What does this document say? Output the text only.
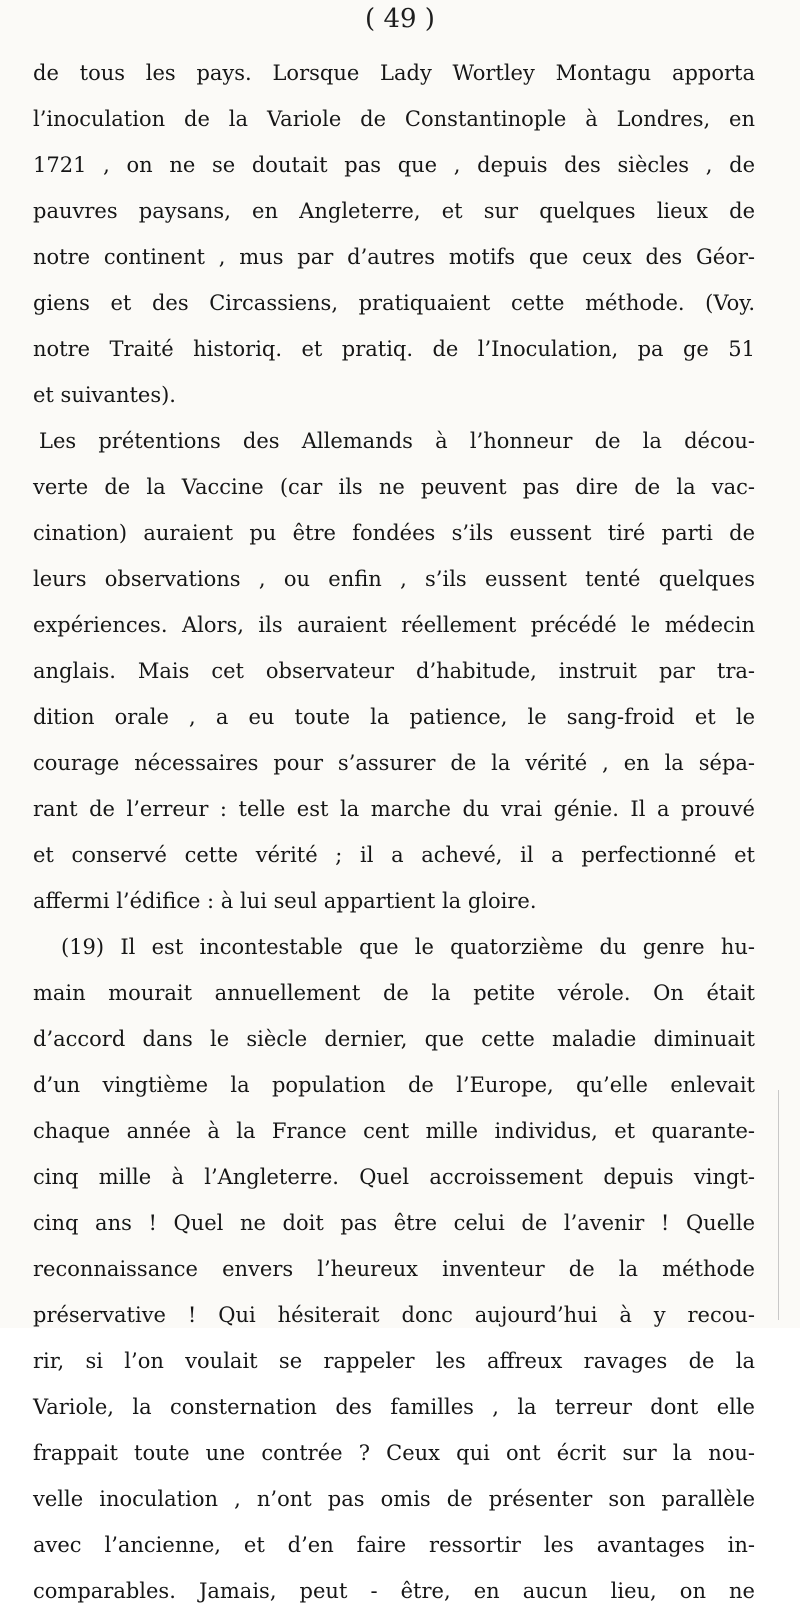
( 49 )
de tous les pays. Lorsque Lady Wortley Montagu apporta
l’inoculation de la Variole de Constantinople à Londres, en
1721 , on ne se doutait pas que , depuis des siècles , de
pauvres paysans, en Angleterre, et sur quelques lieux de
notre continent , mus par d’autres motifs que ceux des Géor-
giens et des Circassiens, pratiquaient cette méthode. (Voy.
notre Traité historiq. et pratiq. de l’Inoculation, pa ge 51
et suivantes).
Les prétentions des Allemands à l’honneur de la décou-
verte de la Vaccine (car ils ne peuvent pas dire de la vac-
cination) auraient pu être fondées s’ils eussent tiré parti de
leurs observations , ou enfin , s’ils eussent tenté quelques
expériences. Alors, ils auraient réellement précédé le médecin
anglais. Mais cet observateur d’habitude, instruit par tra-
dition orale , a eu toute la patience, le sang-froid et le
courage nécessaires pour s’assurer de la vérité , en la sépa-
rant de l’erreur : telle est la marche du vrai génie. Il a prouvé
et conservé cette vérité ; il a achevé, il a perfectionné et
affermi l’édifice : à lui seul appartient la gloire.
(19) Il est incontestable que le quatorzième du genre hu-
main mourait annuellement de la petite vérole. On était
d’accord dans le siècle dernier, que cette maladie diminuait
d’un vingtième la population de l’Europe, qu’elle enlevait
chaque année à la France cent mille individus, et quarante-
cinq mille à l’Angleterre. Quel accroissement depuis vingt-
cinq ans ! Quel ne doit pas être celui de l’avenir ! Quelle
reconnaissance envers l’heureux inventeur de la méthode
préservative ! Qui hésiterait donc aujourd’hui à y recou-
rir, si l’on voulait se rappeler les affreux ravages de la
Variole, la consternation des familles , la terreur dont elle
frappait toute une contrée ? Ceux qui ont écrit sur la nou-
velle inoculation , n’ont pas omis de présenter son parallèle
avec l’ancienne, et d’en faire ressortir les avantages in-
comparables. Jamais, peut - être, en aucun lieu, on ne
